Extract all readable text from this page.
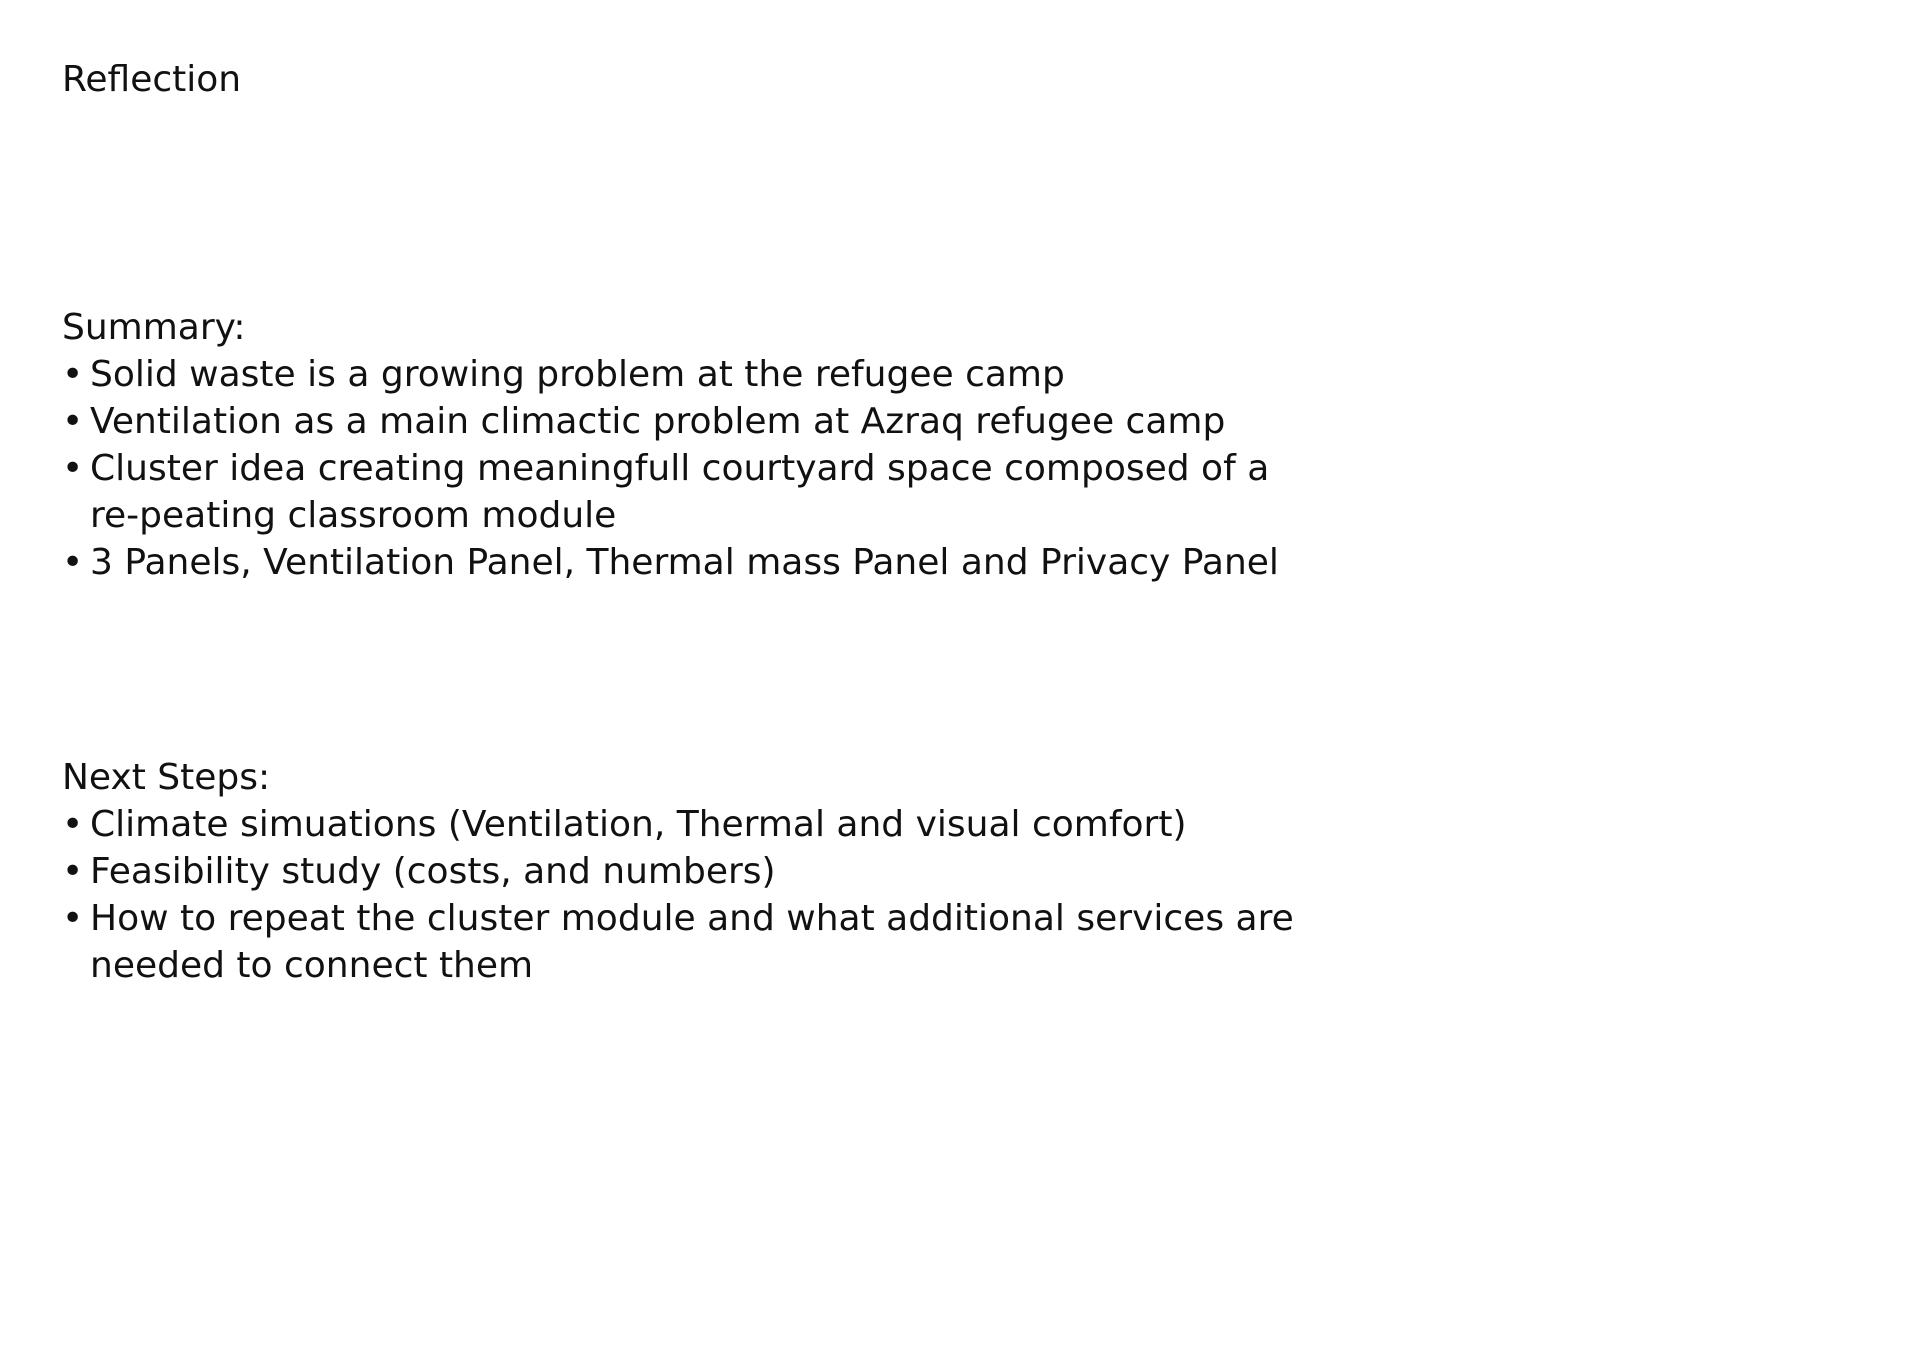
Reflection

Summary:

• Solid waste is a growing problem at the refugee camp
• Ventilation as a main climactic problem at Azraq refugee camp
• Cluster idea creating meaningfull courtyard space composed of a re-peating classroom module
• 3 Panels, Ventilation Panel, Thermal mass Panel and Privacy Panel

Next Steps:

• Climate simuations (Ventilation, Thermal and visual comfort)
• Feasibility study (costs, and numbers)
• How to repeat the cluster module and what additional services are needed to connect them
